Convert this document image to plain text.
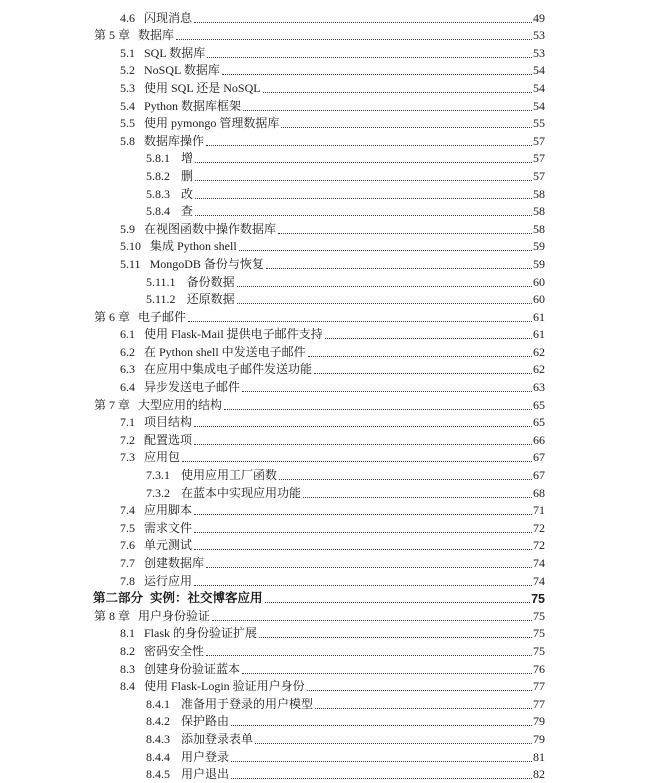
4.6 闪现消息	49
第 5 章 数据库	53
5.1 SQL 数据库	53
5.2 NoSQL 数据库	54
5.3 使用 SQL 还是 NoSQL	54
5.4 Python 数据库框架	54
5.5 使用 pymongo 管理数据库	55
5.8 数据库操作	57
5.8.1 增	57
5.8.2 删	57
5.8.3 改	58
5.8.4 查	58
5.9 在视图函数中操作数据库	58
5.10 集成 Python shell	59
5.11 MongoDB 备份与恢复	59
5.11.1 备份数据	60
5.11.2 还原数据	60
第 6 章 电子邮件	61
6.1 使用 Flask-Mail 提供电子邮件支持	61
6.2 在 Python shell 中发送电子邮件	62
6.3 在应用中集成电子邮件发送功能	62
6.4 异步发送电子邮件	63
第 7 章 大型应用的结构	65
7.1 项目结构	65
7.2 配置选项	66
7.3 应用包	67
7.3.1 使用应用工厂函数	67
7.3.2 在蓝本中实现应用功能	68
7.4 应用脚本	71
7.5 需求文件	72
7.6 单元测试	72
7.7 创建数据库	74
7.8 运行应用	74
第二部分 实例：社交博客应用	75
第 8 章 用户身份验证	75
8.1 Flask 的身份验证扩展	75
8.2 密码安全性	75
8.3 创建身份验证蓝本	76
8.4 使用 Flask-Login 验证用户身份	77
8.4.1 准备用于登录的用户模型	77
8.4.2 保护路由	79
8.4.3 添加登录表单	79
8.4.4 用户登录	81
8.4.5 用户退出	82
